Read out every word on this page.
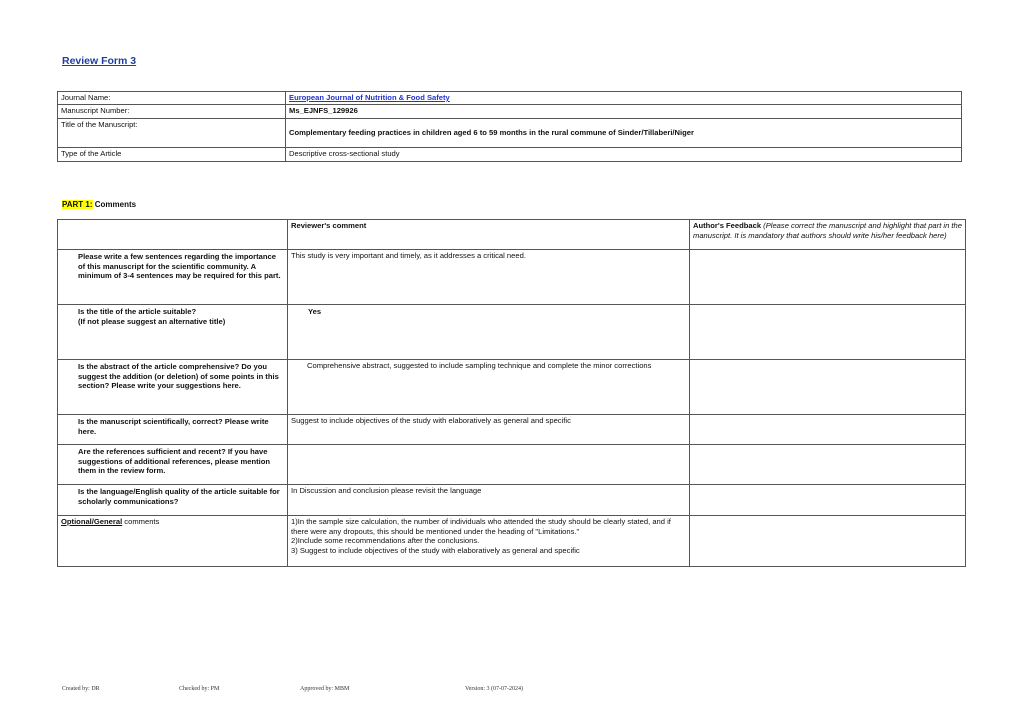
Review Form 3
Journal Name:	European Journal of Nutrition & Food Safety
Manuscript Number:	Ms_EJNFS_129926
Title of the Manuscript:	Complementary feeding practices in children aged 6 to 59 months in the rural commune of Sinder/Tillaberi/Niger
Type of the Article	Descriptive cross-sectional study
PART 1: Comments
	Reviewer's comment	Author's Feedback (Please correct the manuscript and highlight that part in the manuscript. It is mandatory that authors should write his/her feedback here)
Please write a few sentences regarding the importance of this manuscript for the scientific community. A minimum of 3-4 sentences may be required for this part.	This study is very important and timely, as it addresses a critical need.	
Is the title of the article suitable?
(If not please suggest an alternative title)	Yes	
Is the abstract of the article comprehensive? Do you suggest the addition (or deletion) of some points in this section? Please write your suggestions here.	Comprehensive abstract, suggested to include sampling technique and complete the minor corrections	
Is the manuscript scientifically, correct? Please write here.	Suggest to include objectives of the study with elaboratively as general and specific	
Are the references sufficient and recent? If you have suggestions of additional references, please mention them in the review form.		
Is the language/English quality of the article suitable for scholarly communications?	In Discussion and conclusion please revisit the language	
Optional/General comments	1)In the sample size calculation, the number of individuals who attended the study should be clearly stated, and if there were any dropouts, this should be mentioned under the heading of "Limitations."
2)Include some recommendations after the conclusions.
3) Suggest to include objectives of the study with elaboratively as general and specific	

Created by: DR	Checked by: PM	Approved by: MBM	Version: 3 (07-07-2024)
